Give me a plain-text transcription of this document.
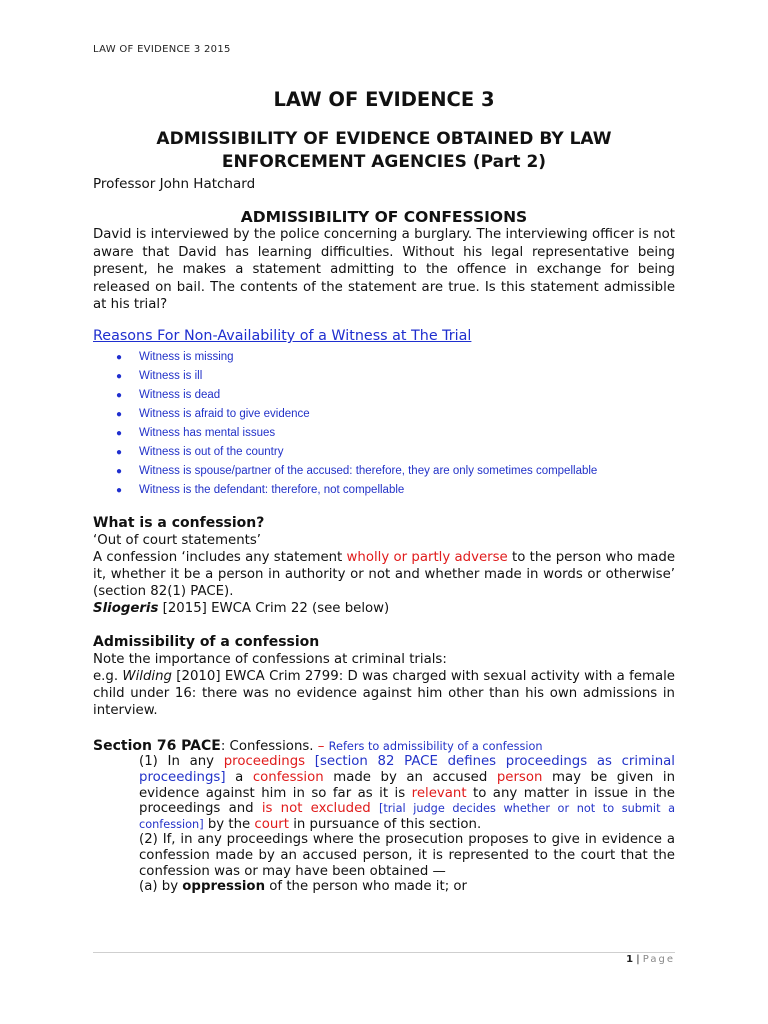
LAW OF EVIDENCE 3 2015
LAW OF EVIDENCE 3
ADMISSIBILITY OF EVIDENCE OBTAINED BY LAW
ENFORCEMENT AGENCIES (Part 2)
Professor John Hatchard
ADMISSIBILITY OF CONFESSIONS
David is interviewed by the police concerning a burglary. The interviewing officer is not aware that David has learning difficulties. Without his legal representative being present, he makes a statement admitting to the offence in exchange for being released on bail. The contents of the statement are true. Is this statement admissible at his trial?
Reasons For Non-Availability of a Witness at The Trial
● Witness is missing
● Witness is ill
● Witness is dead
● Witness is afraid to give evidence
● Witness has mental issues
● Witness is out of the country
● Witness is spouse/partner of the accused: therefore, they are only sometimes compellable
● Witness is the defendant: therefore, not compellable
What is a confession?
‘Out of court statements’
A confession ‘includes any statement wholly or partly adverse to the person who made it, whether it be a person in authority or not and whether made in words or otherwise’ (section 82(1) PACE).
Sliogeris [2015] EWCA Crim 22 (see below)
Admissibility of a confession
Note the importance of confessions at criminal trials:
e.g. Wilding [2010] EWCA Crim 2799: D was charged with sexual activity with a female child under 16: there was no evidence against him other than his own admissions in interview.
Section 76 PACE: Confessions. – Refers to admissibility of a confession
(1) In any proceedings [section 82 PACE defines proceedings as criminal proceedings] a confession made by an accused person may be given in evidence against him in so far as it is relevant to any matter in issue in the proceedings and is not excluded [trial judge decides whether or not to submit a confession] by the court in pursuance of this section.
(2) If, in any proceedings where the prosecution proposes to give in evidence a confession made by an accused person, it is represented to the court that the confession was or may have been obtained —
(a) by oppression of the person who made it; or
1 | Page
